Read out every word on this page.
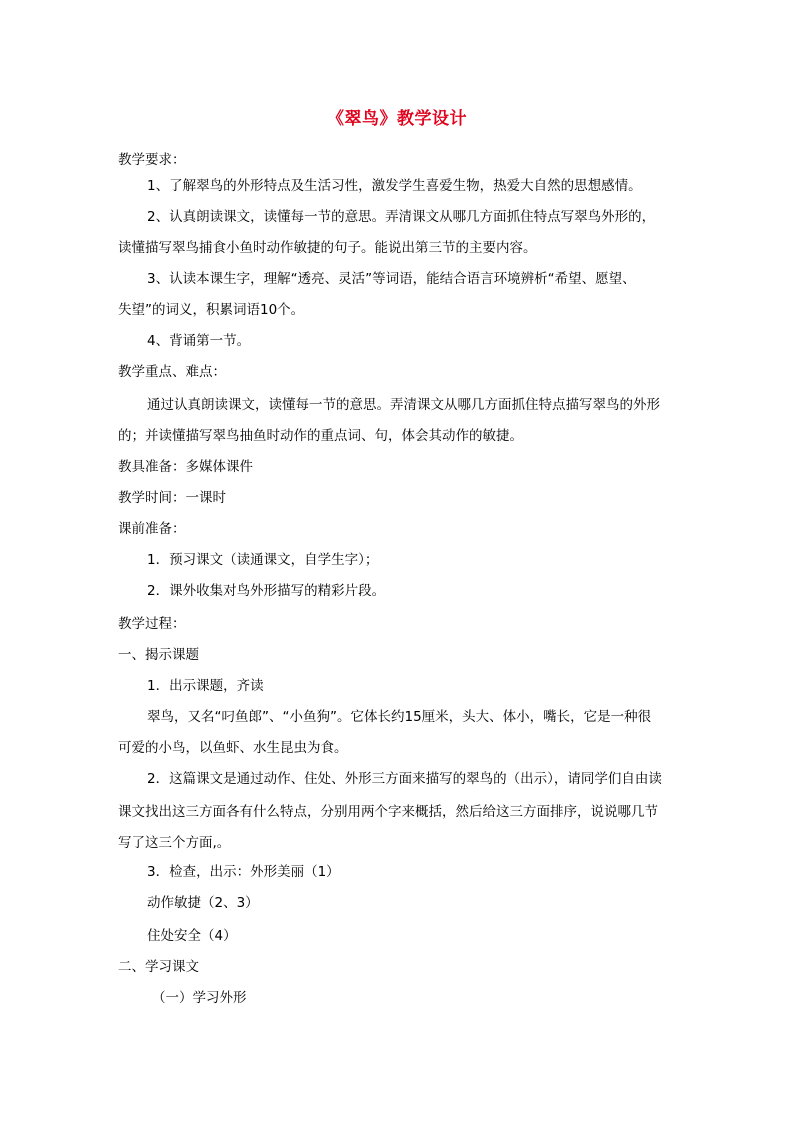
《翠鸟》教学设计
教学要求：
1、了解翠鸟的外形特点及生活习性，激发学生喜爱生物，热爱大自然的思想感情。
2、认真朗读课文，读懂每一节的意思。弄清课文从哪几方面抓住特点写翠鸟外形的，
读懂描写翠鸟捕食小鱼时动作敏捷的句子。能说出第三节的主要内容。
3、认读本课生字，理解“透亮、灵活”等词语，能结合语言环境辨析“希望、愿望、
失望”的词义，积累词语10个。
4、背诵第一节。
教学重点、难点：
通过认真朗读课文，读懂每一节的意思。弄清课文从哪几方面抓住特点描写翠鸟的外形
的；并读懂描写翠鸟抽鱼时动作的重点词、句，体会其动作的敏捷。
教具准备：多媒体课件
教学时间：一课时
课前准备：
1．预习课文（读通课文，自学生字）；
2．课外收集对鸟外形描写的精彩片段。
教学过程：
一、揭示课题
1．出示课题，齐读
翠鸟，又名“叼鱼郎”、“小鱼狗”。它体长约15厘米，头大、体小，嘴长，它是一种很
可爱的小鸟，以鱼虾、水生昆虫为食。
2．这篇课文是通过动作、住处、外形三方面来描写的翠鸟的（出示），请同学们自由读
课文找出这三方面各有什么特点，分别用两个字来概括，然后给这三方面排序，说说哪几节
写了这三个方面,。
3．检查，出示：外形美丽（1）
动作敏捷（2、3）
住处安全（4）
二、学习课文
（一）学习外形
